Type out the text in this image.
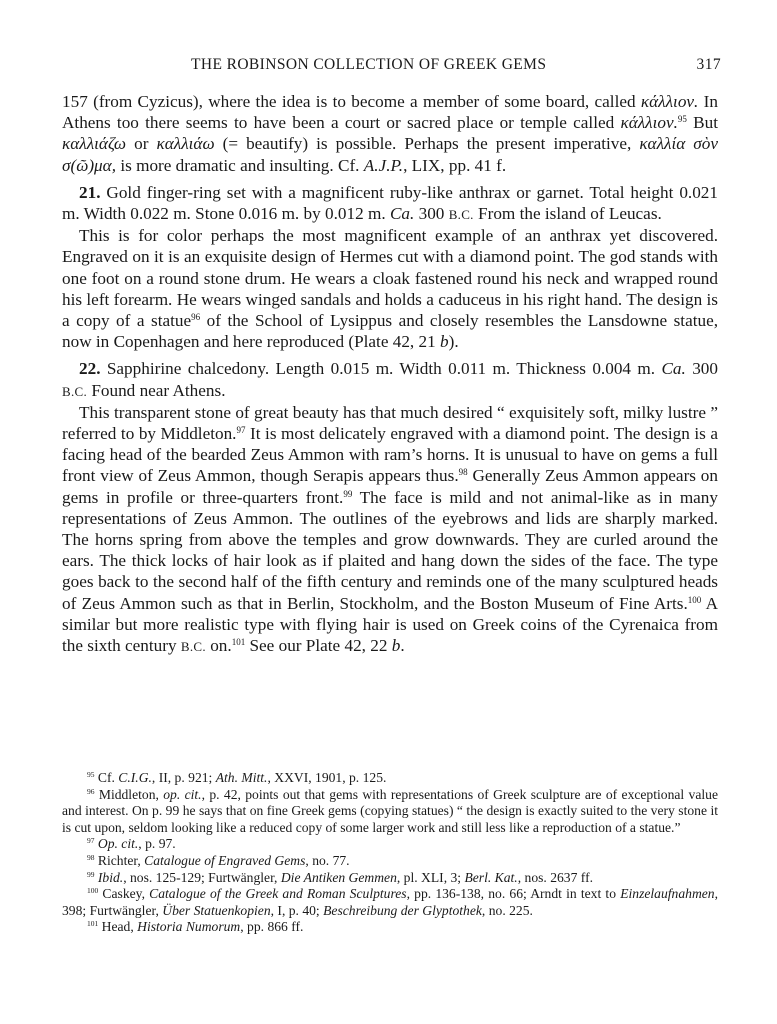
THE ROBINSON COLLECTION OF GREEK GEMS	317

157 (from Cyzicus), where the idea is to become a member of some board, called κάλλιον. In Athens too there seems to have been a court or sacred place or temple called κάλλιον.$^{95}$ But καλλιάζω or καλλιάω (= beautify) is possible. Perhaps the present imperative, καλλία σὸν σ(ῶ)μα, is more dramatic and insulting. Cf. A.J.P., LIX, pp. 41 f.

21. Gold finger-ring set with a magnificent ruby-like anthrax or garnet. Total height 0.021 m. Width 0.022 m. Stone 0.016 m. by 0.012 m. Ca. 300 B.C. From the island of Leucas.

This is for color perhaps the most magnificent example of an anthrax yet discovered. Engraved on it is an exquisite design of Hermes cut with a diamond point. The god stands with one foot on a round stone drum. He wears a cloak fastened round his neck and wrapped round his left forearm. He wears winged sandals and holds a caduceus in his right hand. The design is a copy of a statue$^{96}$ of the School of Lysippus and closely resembles the Lansdowne statue, now in Copenhagen and here reproduced (Plate 42, 21 b).

22. Sapphirine chalcedony. Length 0.015 m. Width 0.011 m. Thickness 0.004 m. Ca. 300 B.C. Found near Athens.

This transparent stone of great beauty has that much desired “ exquisitely soft, milky lustre ” referred to by Middleton.$^{97}$ It is most delicately engraved with a diamond point. The design is a facing head of the bearded Zeus Ammon with ram’s horns. It is unusual to have on gems a full front view of Zeus Ammon, though Serapis appears thus.$^{98}$ Generally Zeus Ammon appears on gems in profile or three-quarters front.$^{99}$ The face is mild and not animal-like as in many representations of Zeus Ammon. The outlines of the eyebrows and lids are sharply marked. The horns spring from above the temples and grow downwards. They are curled around the ears. The thick locks of hair look as if plaited and hang down the sides of the face. The type goes back to the second half of the fifth century and reminds one of the many sculptured heads of Zeus Ammon such as that in Berlin, Stockholm, and the Boston Museum of Fine Arts.$^{100}$ A similar but more realistic type with flying hair is used on Greek coins of the Cyrenaica from the sixth century B.C. on.$^{101}$ See our Plate 42, 22 b.

$^{95}$ Cf. C.I.G., II, p. 921; Ath. Mitt., XXVI, 1901, p. 125.

$^{96}$ Middleton, op. cit., p. 42, points out that gems with representations of Greek sculpture are of exceptional value and interest. On p. 99 he says that on fine Greek gems (copying statues) “ the design is exactly suited to the very stone it is cut upon, seldom looking like a reduced copy of some larger work and still less like a reproduction of a statue.”

$^{97}$ Op. cit., p. 97.

$^{98}$ Richter, Catalogue of Engraved Gems, no. 77.

$^{99}$ Ibid., nos. 125-129; Furtwängler, Die Antiken Gemmen, pl. XLI, 3; Berl. Kat., nos. 2637 ff.

$^{100}$ Caskey, Catalogue of the Greek and Roman Sculptures, pp. 136-138, no. 66; Arndt in text to Einzelaufnahmen, 398; Furtwängler, Über Statuenkopien, I, p. 40; Beschreibung der Glyptothek, no. 225.

$^{101}$ Head, Historia Numorum, pp. 866 ff.
